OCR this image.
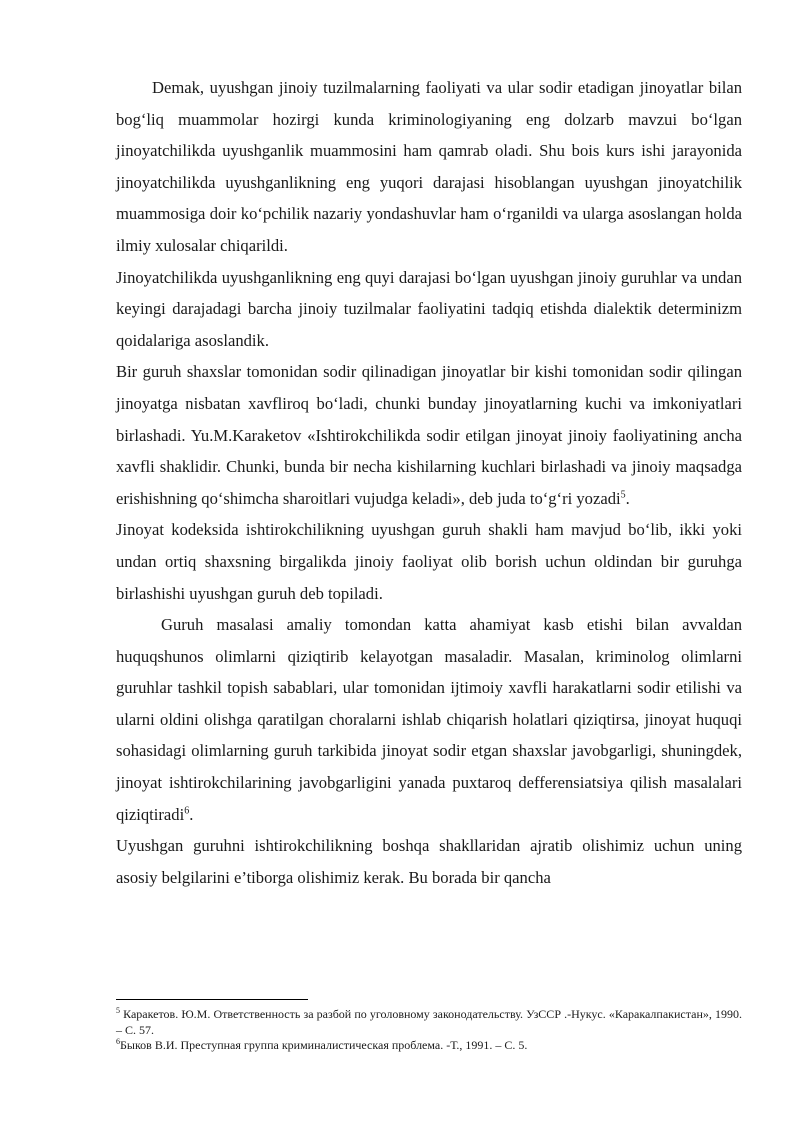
Demak, uyushgan jinoiy tuzilmalarning faoliyati va ular sodir etadigan jinoyatlar bilan bog‘liq muammolar hozirgi kunda kriminologiyaning eng dolzarb mavzui bo‘lgan jinoyatchilikda uyushganlik muammosini ham qamrab oladi. Shu bois kurs ishi jarayonida jinoyatchilikda uyushganlikning eng yuqori darajasi hisoblangan uyushgan jinoyatchilik muammosiga doir ko‘pchilik nazariy yondashuvlar ham o‘rganildi va ularga asoslangan holda ilmiy xulosalar chiqarildi.

Jinoyatchilikda uyushganlikning eng quyi darajasi bo‘lgan uyushgan jinoiy guruhlar va undan keyingi darajadagi barcha jinoiy tuzilmalar faoliyatini tadqiq etishda dialektik determinizm qoidalariga asoslandik.

Bir guruh shaxslar tomonidan sodir qilinadigan jinoyatlar bir kishi tomonidan sodir qilingan jinoyatga nisbatan xavfliroq bo‘ladi, chunki bunday jinoyatlarning kuchi va imkoniyatlari birlashadi. Yu.M.Karaketov «Ishtirokchilikda sodir etilgan jinoyat jinoiy faoliyatining ancha xavfli shaklidir. Chunki, bunda bir necha kishilarning kuchlari birlashadi va jinoiy maqsadga erishishning qo‘shimcha sharoitlari vujudga keladi», deb juda to‘g‘ri yozadi$^5$.

Jinoyat kodeksida ishtirokchilikning uyushgan guruh shakli ham mavjud bo‘lib, ikki yoki undan ortiq shaxsning birgalikda jinoiy faoliyat olib borish uchun oldindan bir guruhga birlashishi uyushgan guruh deb topiladi.

Guruh masalasi amaliy tomondan katta ahamiyat kasb etishi bilan avvaldan huquqshunos olimlarni qiziqtirib kelayotgan masaladir. Masalan, kriminolog olimlarni guruhlar tashkil topish sabablari, ular tomonidan ijtimoiy xavfli harakatlarni sodir etilishi va ularni oldini olishga qaratilgan choralarni ishlab chiqarish holatlari qiziqtirsa, jinoyat huquqi sohasidagi olimlarning guruh tarkibida jinoyat sodir etgan shaxslar javobgarligi, shuningdek, jinoyat ishtirokchilarining javobgarligini yanada puxtaroq defferensiatsiya qilish masalalari qiziqtiradi$^6$.

Uyushgan guruhni ishtirokchilikning boshqa shakllaridan ajratib olishimiz uchun uning asosiy belgilarini e’tiborga olishimiz kerak. Bu borada bir qancha

$^5$ Каракетов. Ю.М. Ответственность за разбой по уголовному законодательству. УзССР .-Нукус. «Каракалпакистан», 1990. – С. 57.

$^6$Быков В.И. Преступная группа криминалистическая проблема. -Т., 1991. – С. 5.
